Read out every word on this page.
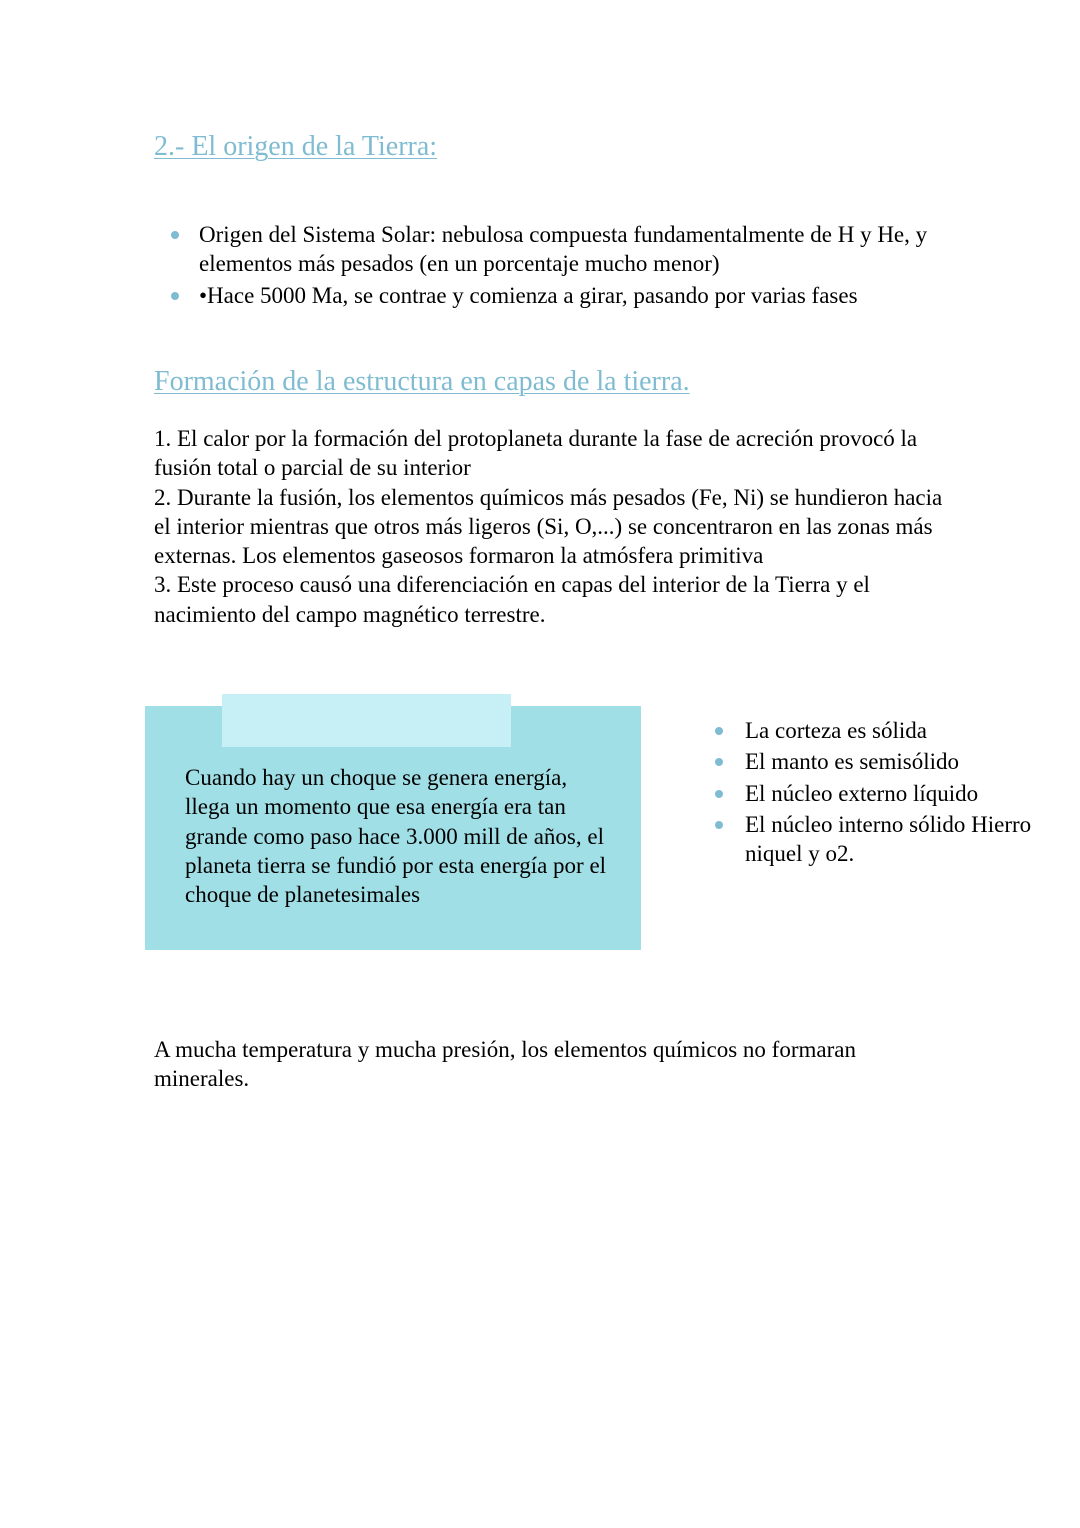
2.- El origen de la Tierra:
Origen del Sistema Solar: nebulosa compuesta fundamentalmente de H y He, y elementos más pesados (en un porcentaje mucho menor)
•Hace 5000 Ma, se contrae y comienza a girar, pasando por varias fases
Formación de la estructura en capas de la tierra.

1. El calor por la formación del protoplaneta durante la fase de acreción provocó la fusión total o parcial de su interior

2. Durante la fusión, los elementos químicos más pesados (Fe, Ni) se hundieron hacia el interior mientras que otros más ligeros (Si, O,...) se concentraron en las zonas más externas. Los elementos gaseosos formaron la atmósfera primitiva

3. Este proceso causó una diferenciación en capas del interior de la Tierra y el nacimiento del campo magnético terrestre.

Cuando hay un choque se genera energía, llega un momento que esa energía era tan grande como paso hace 3.000 mill de años, el planeta tierra se fundió por esta energía por el choque de planetesimales

La corteza es sólida
El manto es semisólido
El núcleo externo líquido
El núcleo interno sólido Hierro niquel y o2.

A mucha temperatura y mucha presión, los elementos químicos no formaran minerales.
